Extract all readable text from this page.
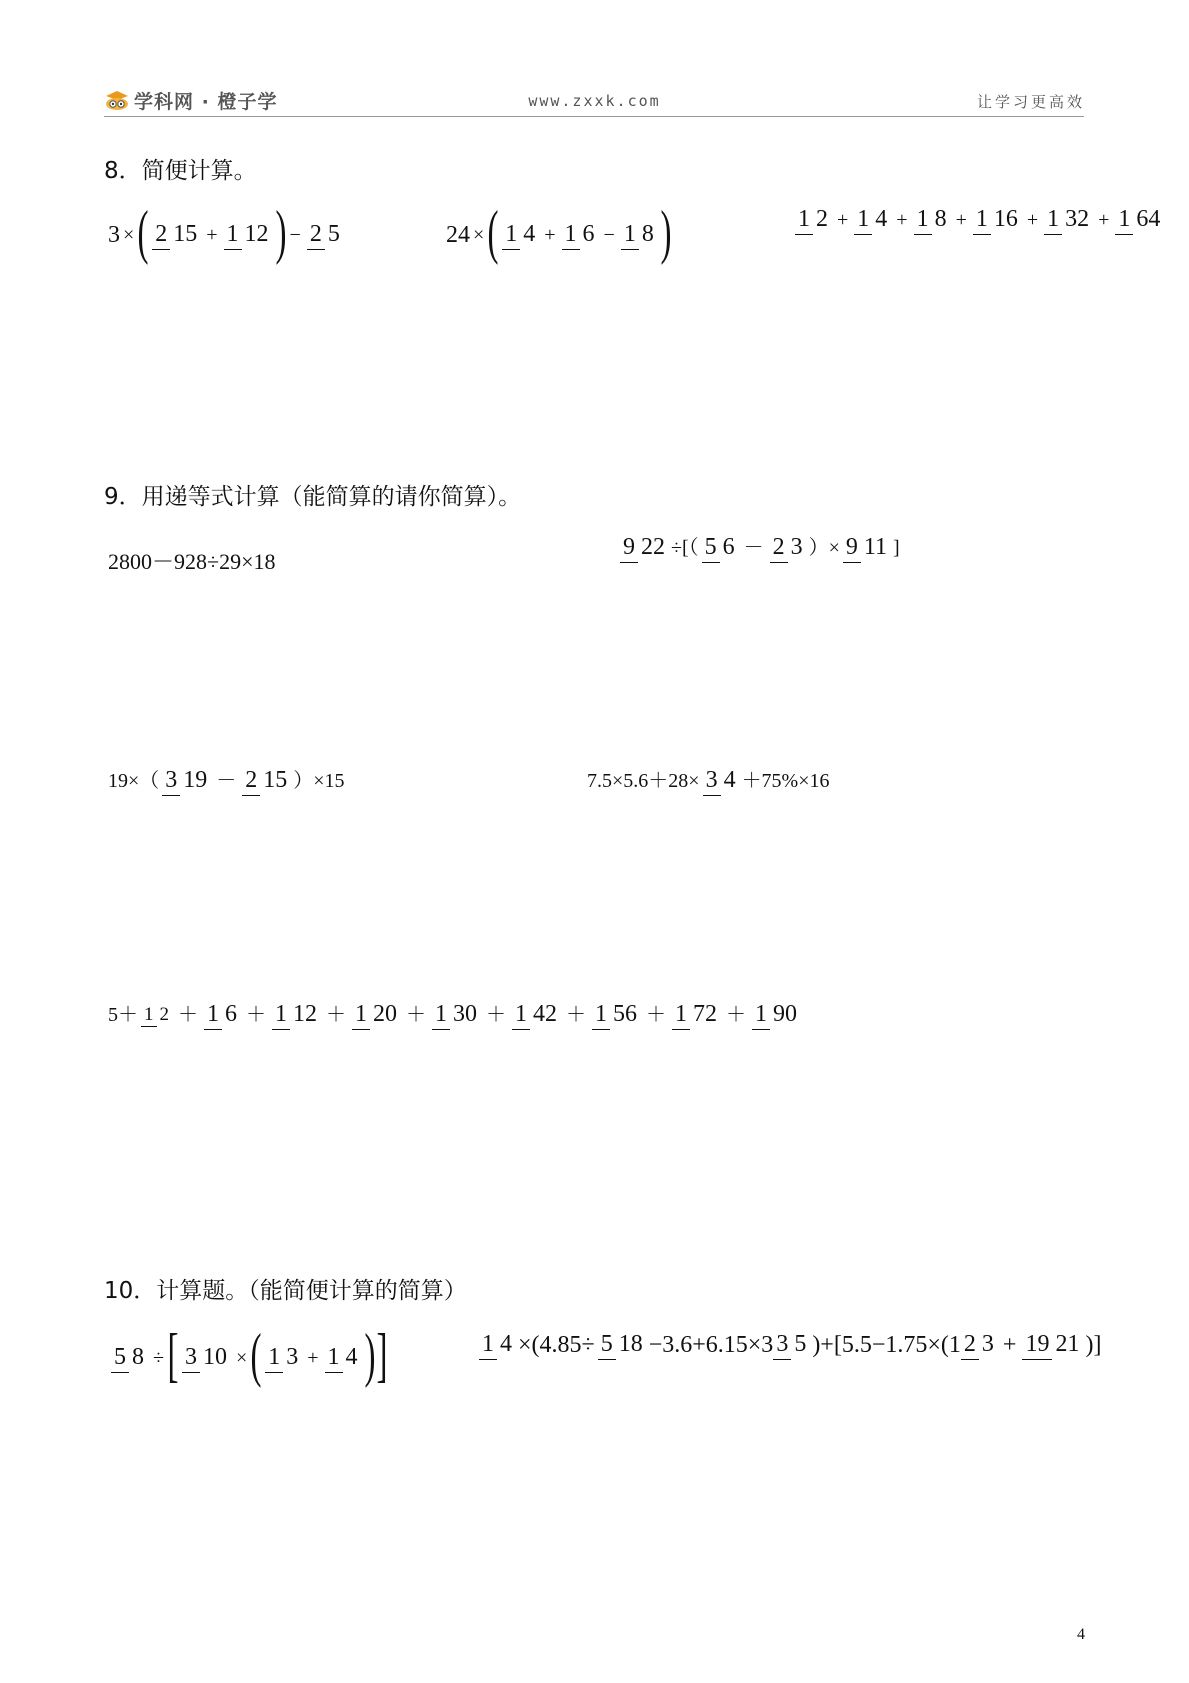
学科网 · 橙子学	www.zxxk.com	让学习更高效
8．简便计算。
3 × ( 2 15 + 1 12 ) − 2 5	24 × ( 1 4 + 1 6 − 1 8 )	1 2 + 1 4 + 1 8 + 1 16 + 1 32 + 1 64
9．用递等式计算（能简算的请你简算）。
2800－928÷29×18
9 22 ÷[（ 5 6 － 2 3 ）× 9 11 ]
19×（ 3 19 － 2 15 ）×15	7.5×5.6＋28× 3 4 ＋75%×16
5＋ 1 2 ＋ 1 6 ＋ 1 12 ＋ 1 20 ＋ 1 30 ＋ 1 42 ＋ 1 56 ＋ 1 72 ＋ 1 90
10．计算题。（能简便计算的简算）
5 8 ÷ [ 3 10 × ( 1 3 + 1 4 ) ]	1 4 ×(4.85÷ 5 18 −3.6+6.15×3 3 5 )+[5.5−1.75×(1 2 3 + 19 21 )]
4
